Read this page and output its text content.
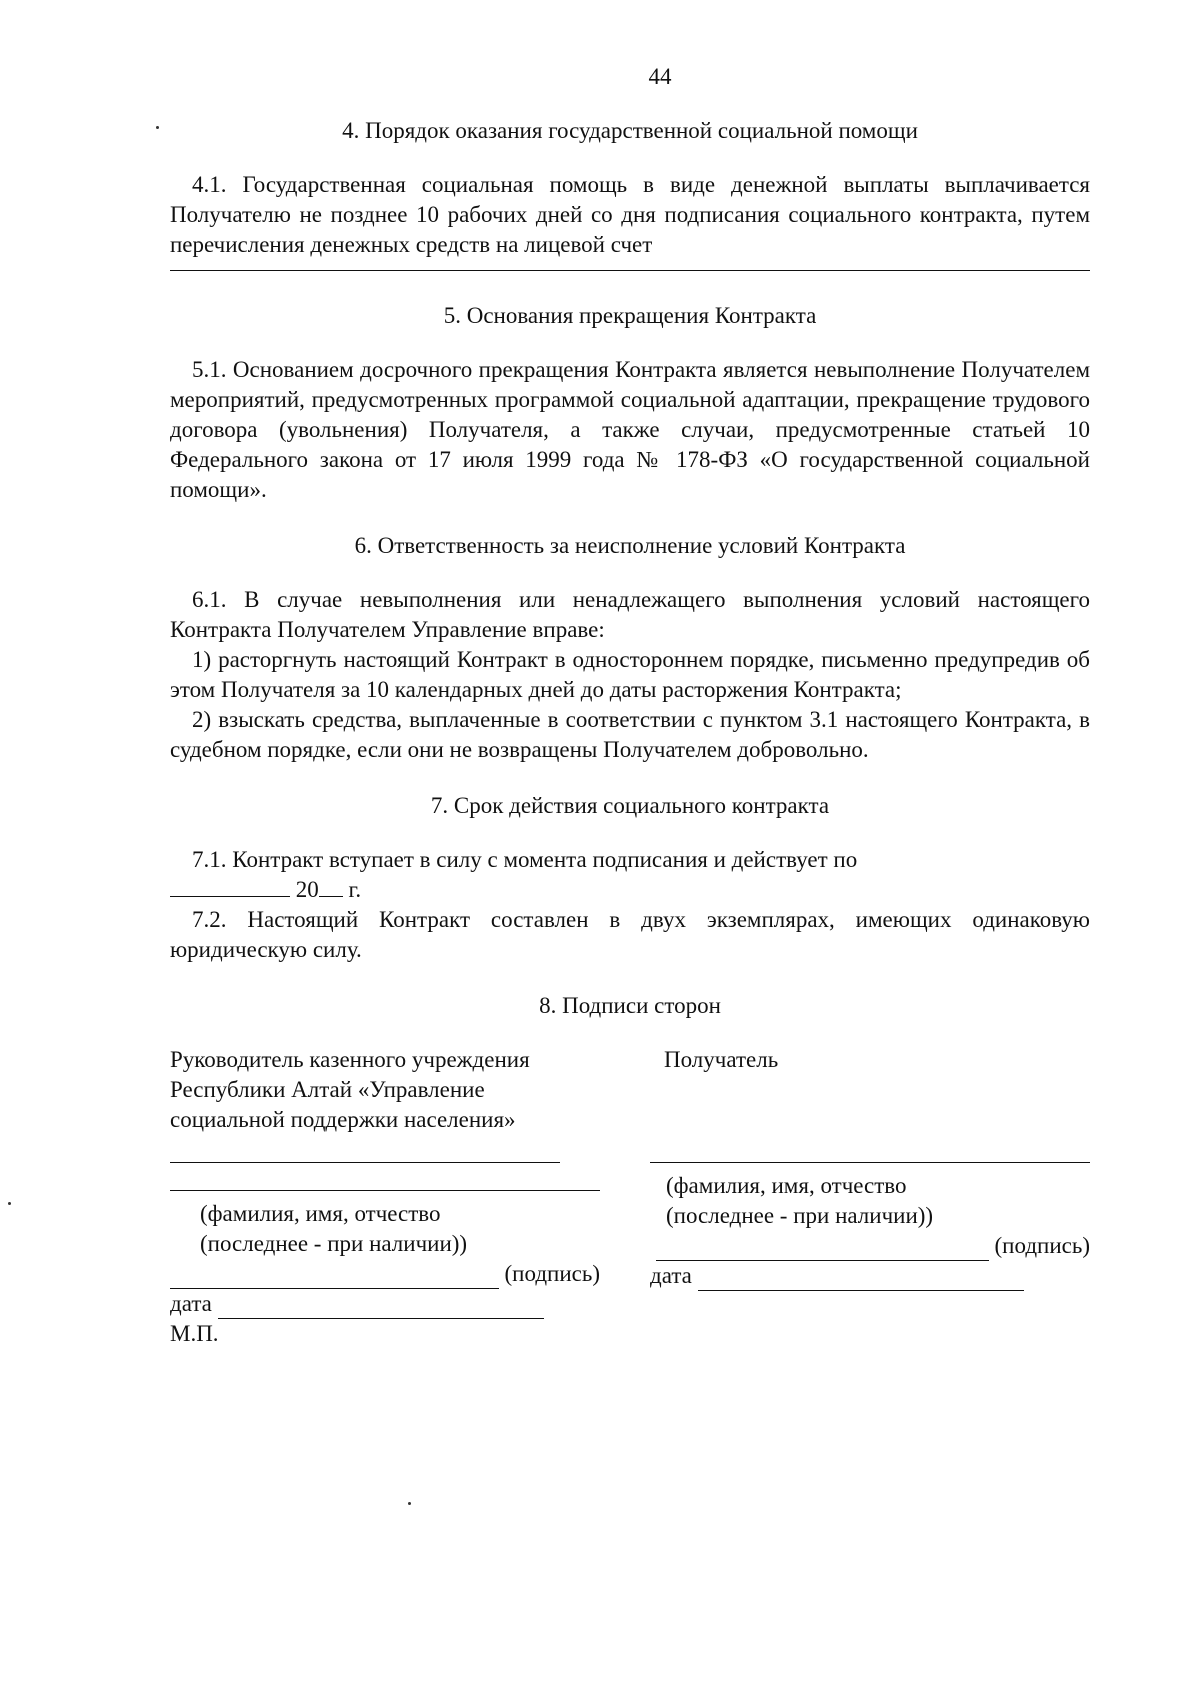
44
4. Порядок оказания государственной социальной помощи

4.1. Государственная социальная помощь в виде денежной выплаты выплачивается Получателю не позднее 10 рабочих дней со дня подписания социального контракта, путем перечисления денежных средств на лицевой счет

5. Основания прекращения Контракта

5.1. Основанием досрочного прекращения Контракта является невыполнение Получателем мероприятий, предусмотренных программой социальной адаптации, прекращение трудового договора (увольнения) Получателя, а также случаи, предусмотренные статьей 10 Федерального закона от 17 июля 1999 года № 178-ФЗ «О государственной социальной помощи».

6. Ответственность за неисполнение условий Контракта

6.1. В случае невыполнения или ненадлежащего выполнения условий настоящего Контракта Получателем Управление вправе:

1) расторгнуть настоящий Контракт в одностороннем порядке, письменно предупредив об этом Получателя за 10 календарных дней до даты расторжения Контракта;

2) взыскать средства, выплаченные в соответствии с пунктом 3.1 настоящего Контракта, в судебном порядке, если они не возвращены Получателем добровольно.

7. Срок действия социального контракта

7.1. Контракт вступает в силу с момента подписания и действует по

20 г.

7.2. Настоящий Контракт составлен в двух экземплярах, имеющих одинаковую юридическую силу.

8. Подписи сторон
Руководитель казенного учреждения
Республики Алтай «Управление
социальной поддержки населения»
(фамилия, имя, отчество
(последнее - при наличии))
(подпись)
дата
М.П.
Получатель
(фамилия, имя, отчество
(последнее - при наличии))
(подпись)
дата
